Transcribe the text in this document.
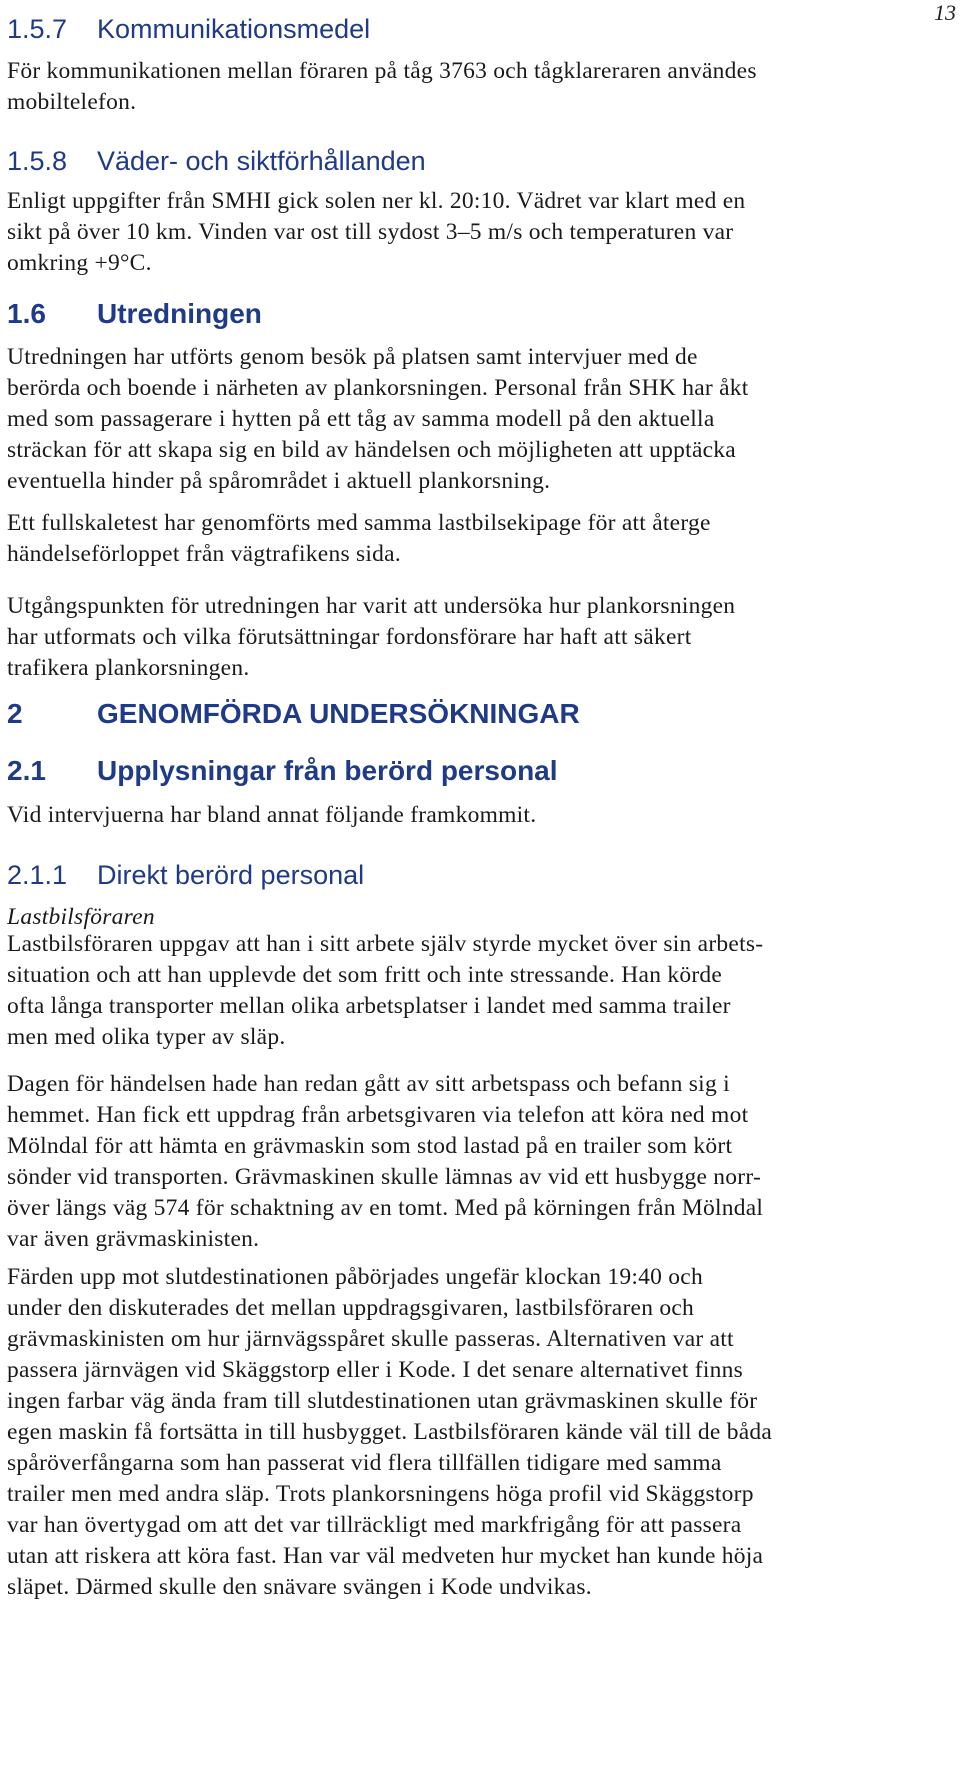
13
1.5.7 Kommunikationsmedel
För kommunikationen mellan föraren på tåg 3763 och tågklareraren användes
mobiltelefon.
1.5.8 Väder- och siktförhållanden
Enligt uppgifter från SMHI gick solen ner kl. 20:10. Vädret var klart med en
sikt på över 10 km. Vinden var ost till sydost 3–5 m/s och temperaturen var
omkring +9°C.
1.6 Utredningen
Utredningen har utförts genom besök på platsen samt intervjuer med de
berörda och boende i närheten av plankorsningen. Personal från SHK har åkt
med som passagerare i hytten på ett tåg av samma modell på den aktuella
sträckan för att skapa sig en bild av händelsen och möjligheten att upptäcka
eventuella hinder på spårområdet i aktuell plankorsning.
Ett fullskaletest har genomförts med samma lastbilsekipage för att återge
händelseförloppet från vägtrafikens sida.
Utgångspunkten för utredningen har varit att undersöka hur plankorsningen
har utformats och vilka förutsättningar fordonsförare har haft att säkert
trafikera plankorsningen.
2	GENOMFÖRDA UNDERSÖKNINGAR
2.1 Upplysningar från berörd personal
Vid intervjuerna har bland annat följande framkommit.
2.1.1 Direkt berörd personal
Lastbilsföraren
Lastbilsföraren uppgav att han i sitt arbete själv styrde mycket över sin arbets-
situation och att han upplevde det som fritt och inte stressande. Han körde
ofta långa transporter mellan olika arbetsplatser i landet med samma trailer
men med olika typer av släp.
Dagen för händelsen hade han redan gått av sitt arbetspass och befann sig i
hemmet. Han fick ett uppdrag från arbetsgivaren via telefon att köra ned mot
Mölndal för att hämta en grävmaskin som stod lastad på en trailer som kört
sönder vid transporten. Grävmaskinen skulle lämnas av vid ett husbygge norr-
över längs väg 574 för schaktning av en tomt. Med på körningen från Mölndal
var även grävmaskinisten.
Färden upp mot slutdestinationen påbörjades ungefär klockan 19:40 och
under den diskuterades det mellan uppdragsgivaren, lastbilsföraren och
grävmaskinisten om hur järnvägsspåret skulle passeras. Alternativen var att
passera järnvägen vid Skäggstorp eller i Kode. I det senare alternativet finns
ingen farbar väg ända fram till slutdestinationen utan grävmaskinen skulle för
egen maskin få fortsätta in till husbygget. Lastbilsföraren kände väl till de båda
spåröverfångarna som han passerat vid flera tillfällen tidigare med samma
trailer men med andra släp. Trots plankorsningens höga profil vid Skäggstorp
var han övertygad om att det var tillräckligt med markfrigång för att passera
utan att riskera att köra fast. Han var väl medveten hur mycket han kunde höja
släpet. Därmed skulle den snävare svängen i Kode undvikas.
